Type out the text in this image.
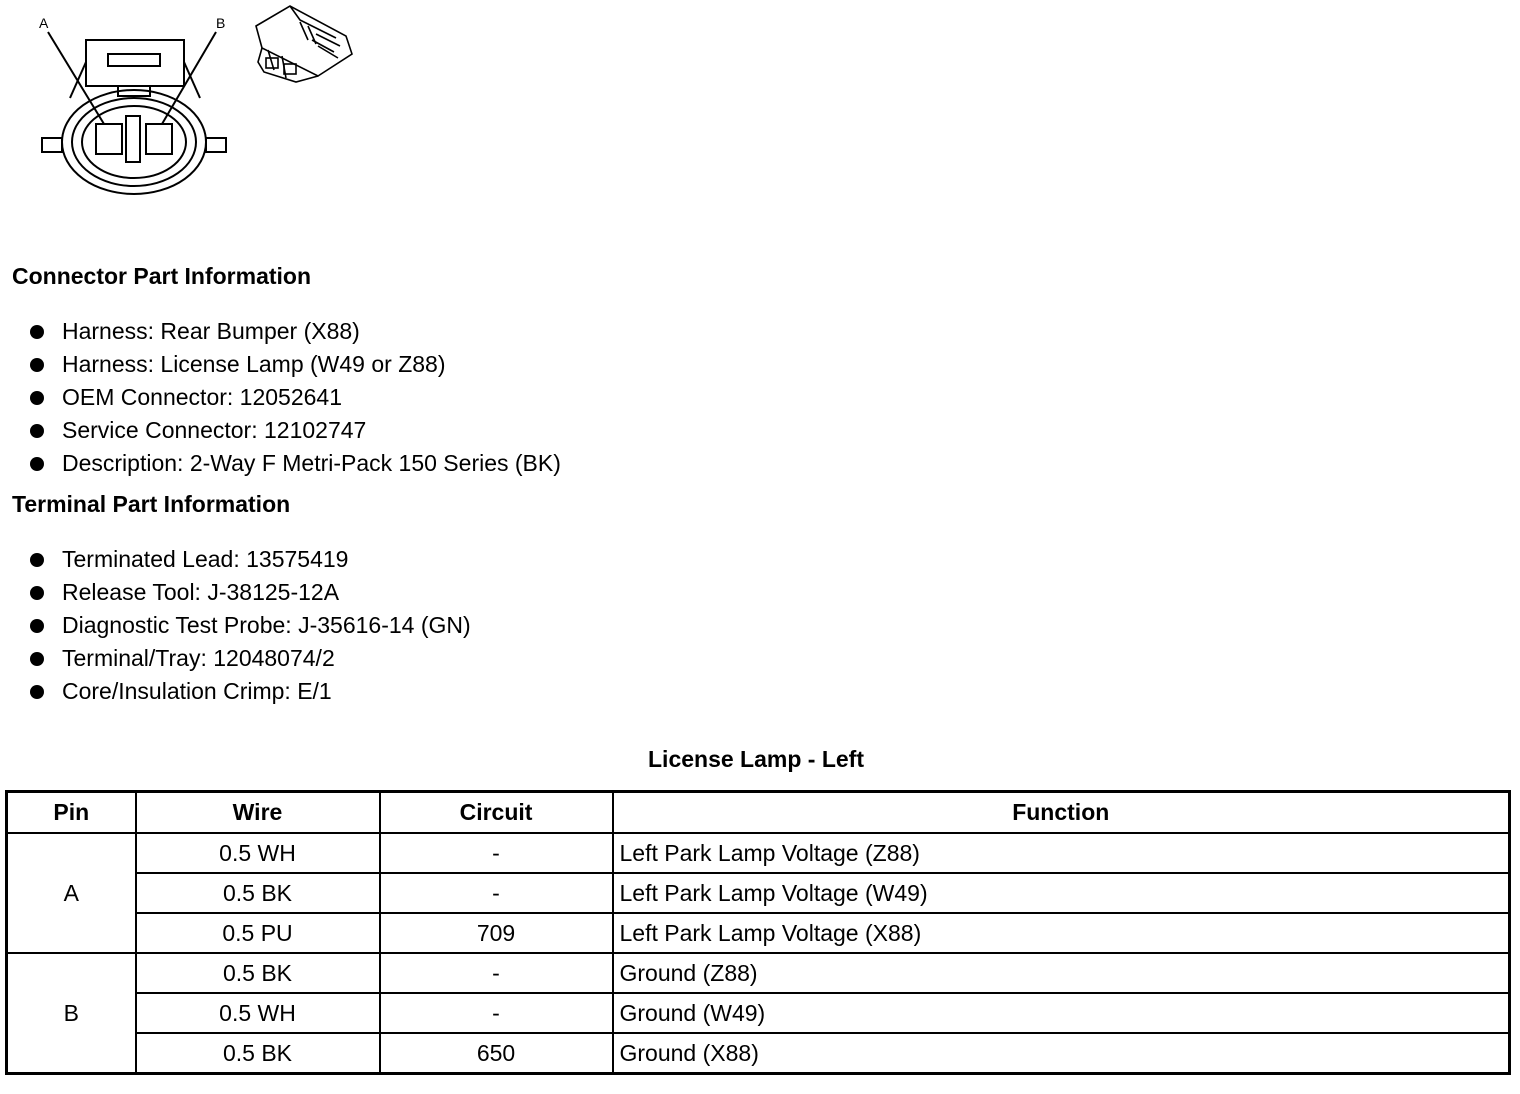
A	B
Connector Part Information
Harness: Rear Bumper (X88)
Harness: License Lamp (W49 or Z88)
OEM Connector: 12052641
Service Connector: 12102747
Description: 2-Way F Metri-Pack 150 Series (BK)
Terminal Part Information
Terminated Lead: 13575419
Release Tool: J-38125-12A
Diagnostic Test Probe: J-35616-14 (GN)
Terminal/Tray: 12048074/2
Core/Insulation Crimp: E/1
License Lamp - Left
Pin	Wire	Circuit	Function
A	0.5 WH	-	Left Park Lamp Voltage (Z88)
	0.5 BK	-	Left Park Lamp Voltage (W49)
	0.5 PU	709	Left Park Lamp Voltage (X88)
B	0.5 BK	-	Ground (Z88)
	0.5 WH	-	Ground (W49)
	0.5 BK	650	Ground (X88)
